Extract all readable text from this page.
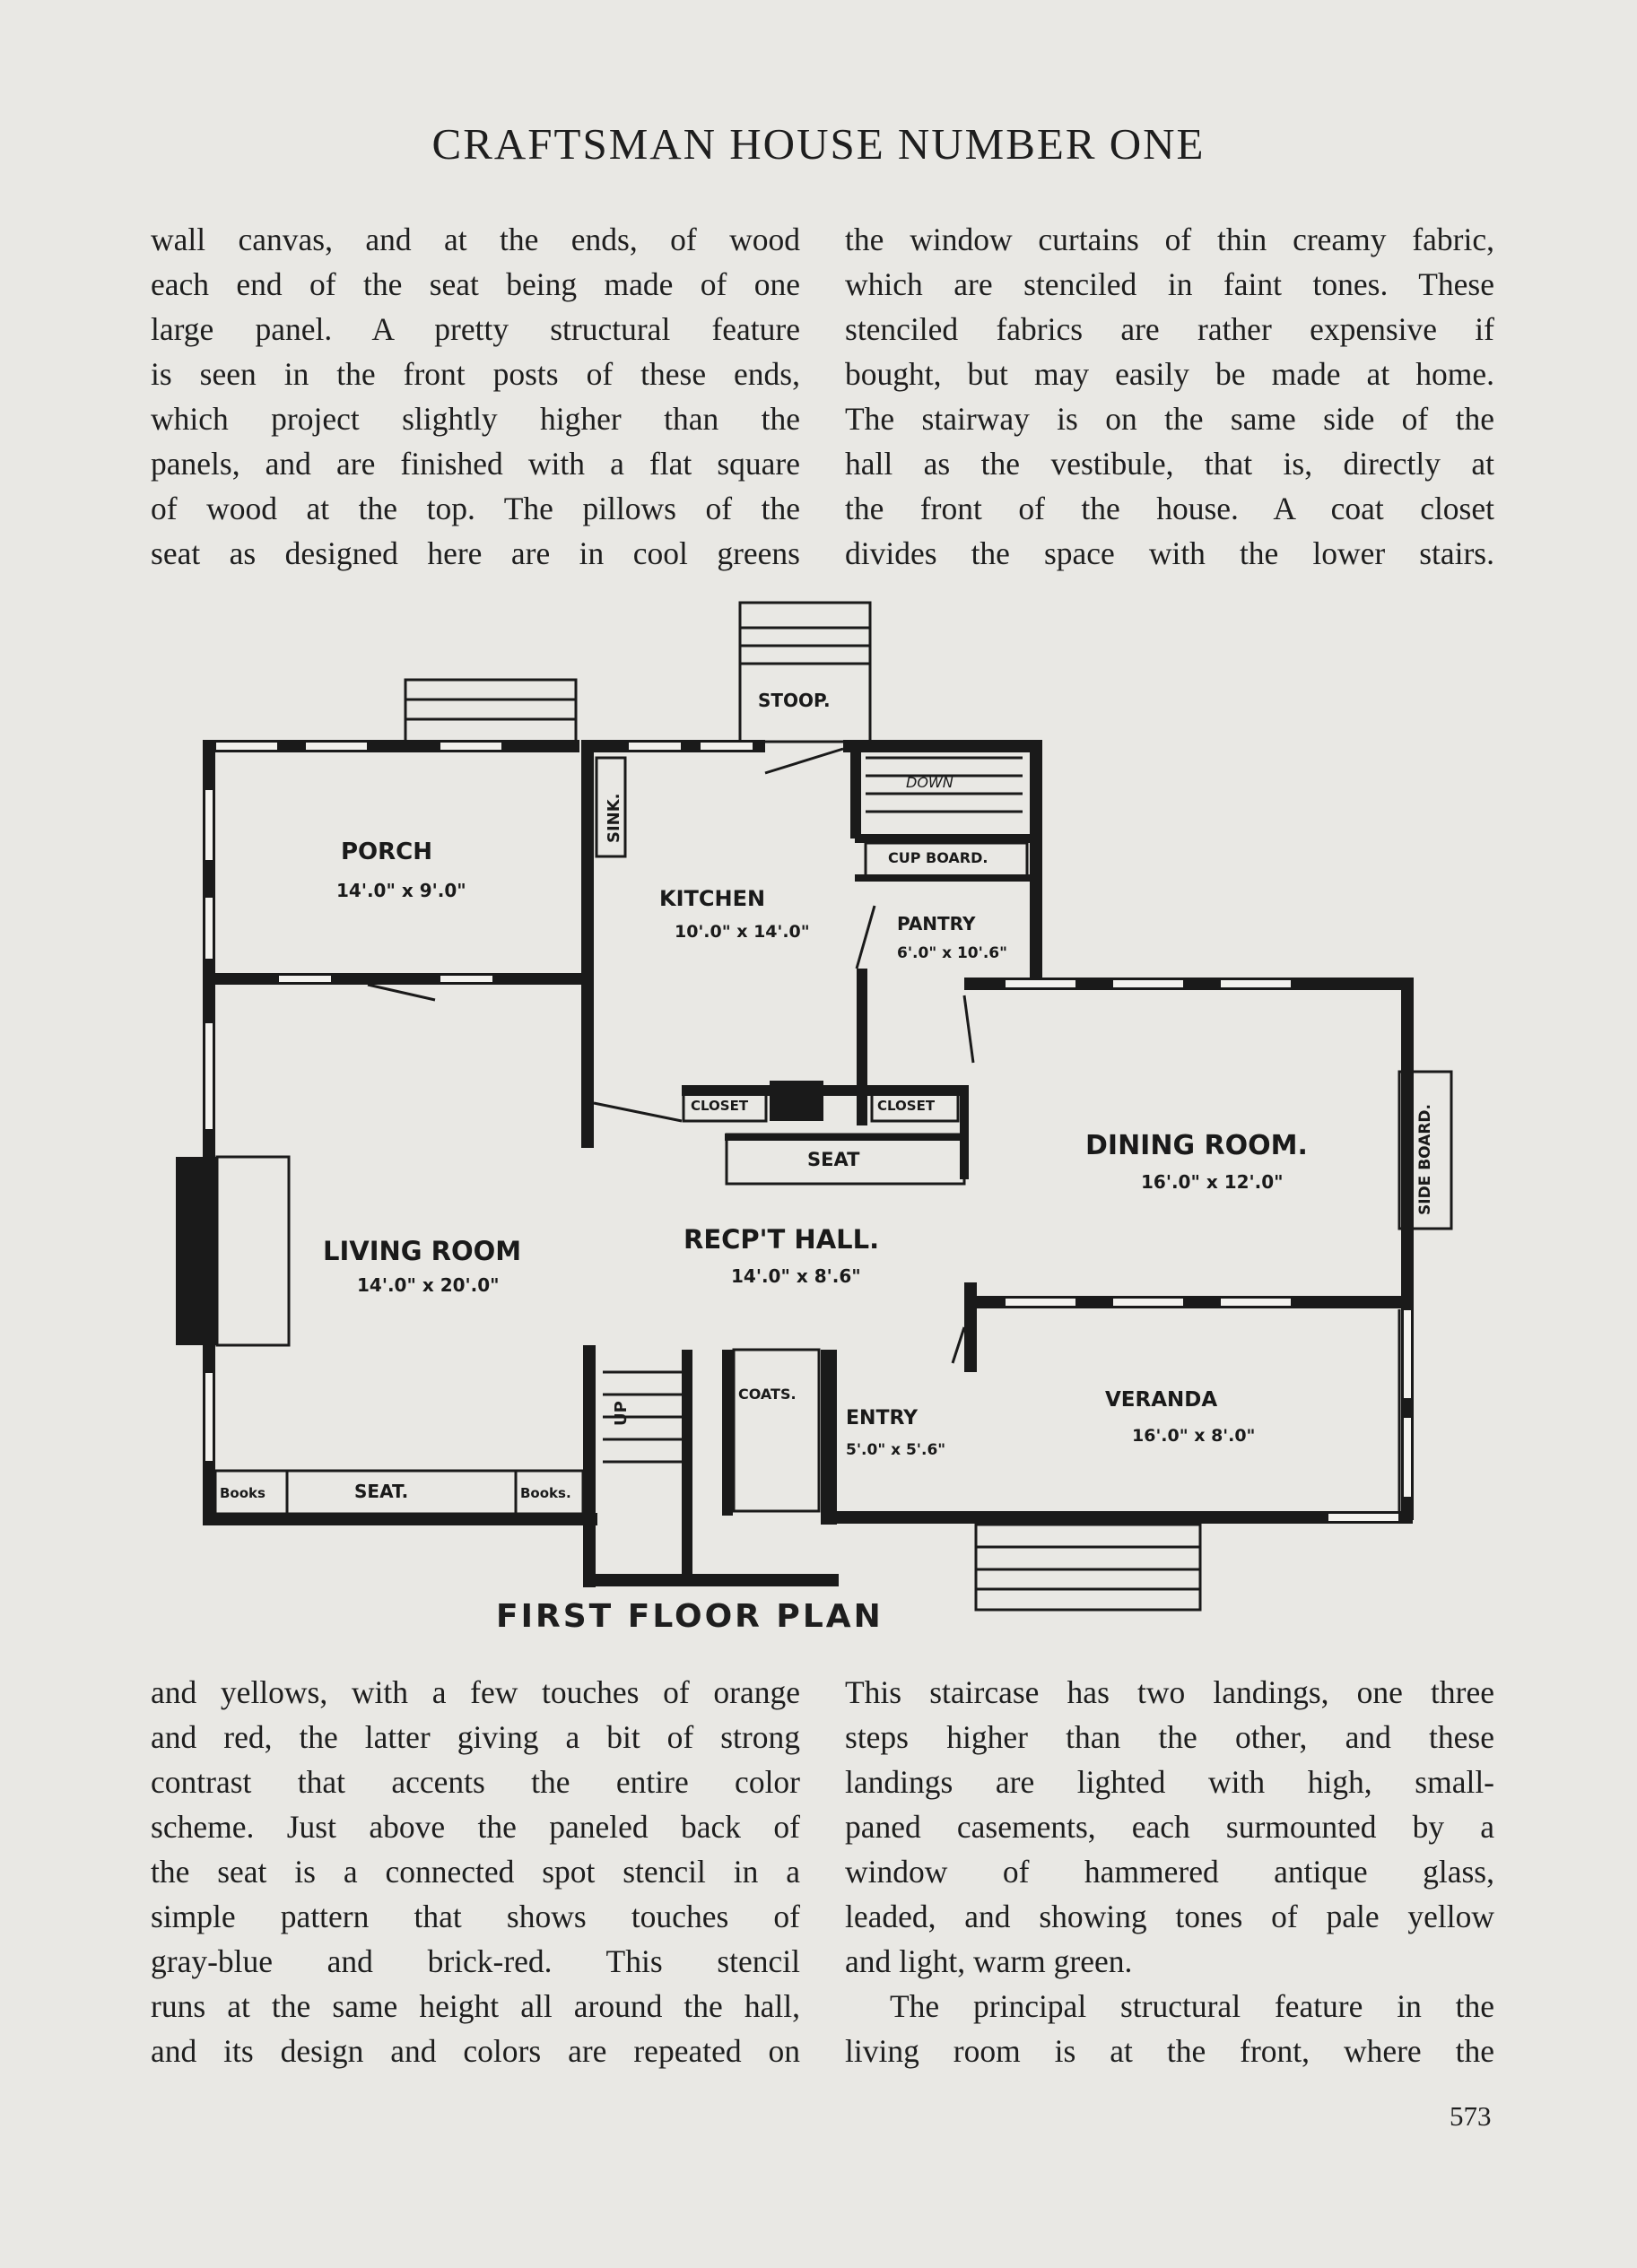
CRAFTSMAN HOUSE NUMBER ONE
wall canvas, and at the ends, of wood
each end of the seat being made of one
large panel. A pretty structural feature
is seen in the front posts of these ends,
which project slightly higher than the
panels, and are finished with a flat square
of wood at the top. The pillows of the
seat as designed here are in cool greens
the window curtains of thin creamy fabric,
which are stenciled in faint tones. These
stenciled fabrics are rather expensive if
bought, but may easily be made at home.
The stairway is on the same side of the
hall as the vestibule, that is, directly at
the front of the house. A coat closet
divides the space with the lower stairs.
STOOP.
PORCH
14'.0" x 9'.0"
SINK.
KITCHEN
10'.0" x 14'.0"
DOWN
CUP BOARD.
PANTRY
6'.0" x 10'.6"
CLOSET	CLOSET
SEAT	DINING ROOM.
16'.0" x 12'.0"	SIDE BOARD.
LIVING ROOM
14'.0" x 20'.0"
RECP'T HALL.
14'.0" x 8'.6"
UP
COATS.
ENTRY
5'.0" x 5'.6"
VERANDA
16'.0" x 8'.0"
Books	SEAT.	Books.
FIRST FLOOR PLAN
and yellows, with a few touches of orange
and red, the latter giving a bit of strong
contrast that accents the entire color
scheme. Just above the paneled back of
the seat is a connected spot stencil in a
simple pattern that shows touches of
gray-blue and brick-red. This stencil
runs at the same height all around the hall,
and its design and colors are repeated on
This staircase has two landings, one three
steps higher than the other, and these
landings are lighted with high, small-
paned casements, each surmounted by a
window of hammered antique glass,
leaded, and showing tones of pale yellow
and light, warm green.
The principal structural feature in the
living room is at the front, where the
573
